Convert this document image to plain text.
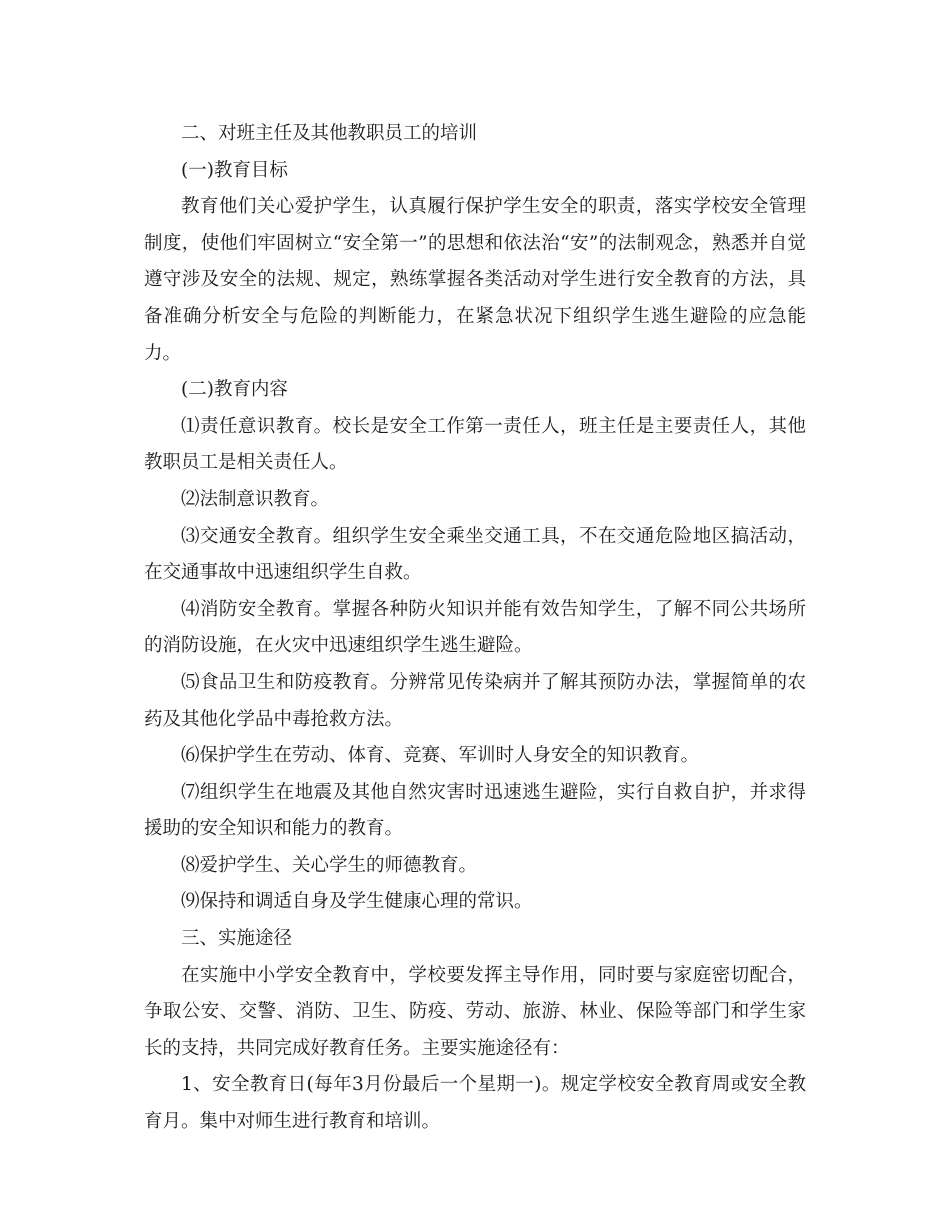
二、对班主任及其他教职员工的培训

(一)教育目标

教育他们关心爱护学生，认真履行保护学生安全的职责，落实学校安全管理制度，使他们牢固树立“安全第一”的思想和依法治“安”的法制观念，熟悉并自觉遵守涉及安全的法规、规定，熟练掌握各类活动对学生进行安全教育的方法，具备准确分析安全与危险的判断能力，在紧急状况下组织学生逃生避险的应急能力。

(二)教育内容

⑴责任意识教育。校长是安全工作第一责任人，班主任是主要责任人，其他教职员工是相关责任人。

⑵法制意识教育。

⑶交通安全教育。组织学生安全乘坐交通工具，不在交通危险地区搞活动，在交通事故中迅速组织学生自救。

⑷消防安全教育。掌握各种防火知识并能有效告知学生，了解不同公共场所的消防设施，在火灾中迅速组织学生逃生避险。

⑸食品卫生和防疫教育。分辨常见传染病并了解其预防办法，掌握简单的农药及其他化学品中毒抢救方法。

⑹保护学生在劳动、体育、竞赛、军训时人身安全的知识教育。

⑺组织学生在地震及其他自然灾害时迅速逃生避险，实行自救自护，并求得援助的安全知识和能力的教育。

⑻爱护学生、关心学生的师德教育。

⑼保持和调适自身及学生健康心理的常识。

三、实施途径

在实施中小学安全教育中，学校要发挥主导作用，同时要与家庭密切配合，争取公安、交警、消防、卫生、防疫、劳动、旅游、林业、保险等部门和学生家长的支持，共同完成好教育任务。主要实施途径有：

1、安全教育日(每年3月份最后一个星期一)。规定学校安全教育周或安全教育月。集中对师生进行教育和培训。
